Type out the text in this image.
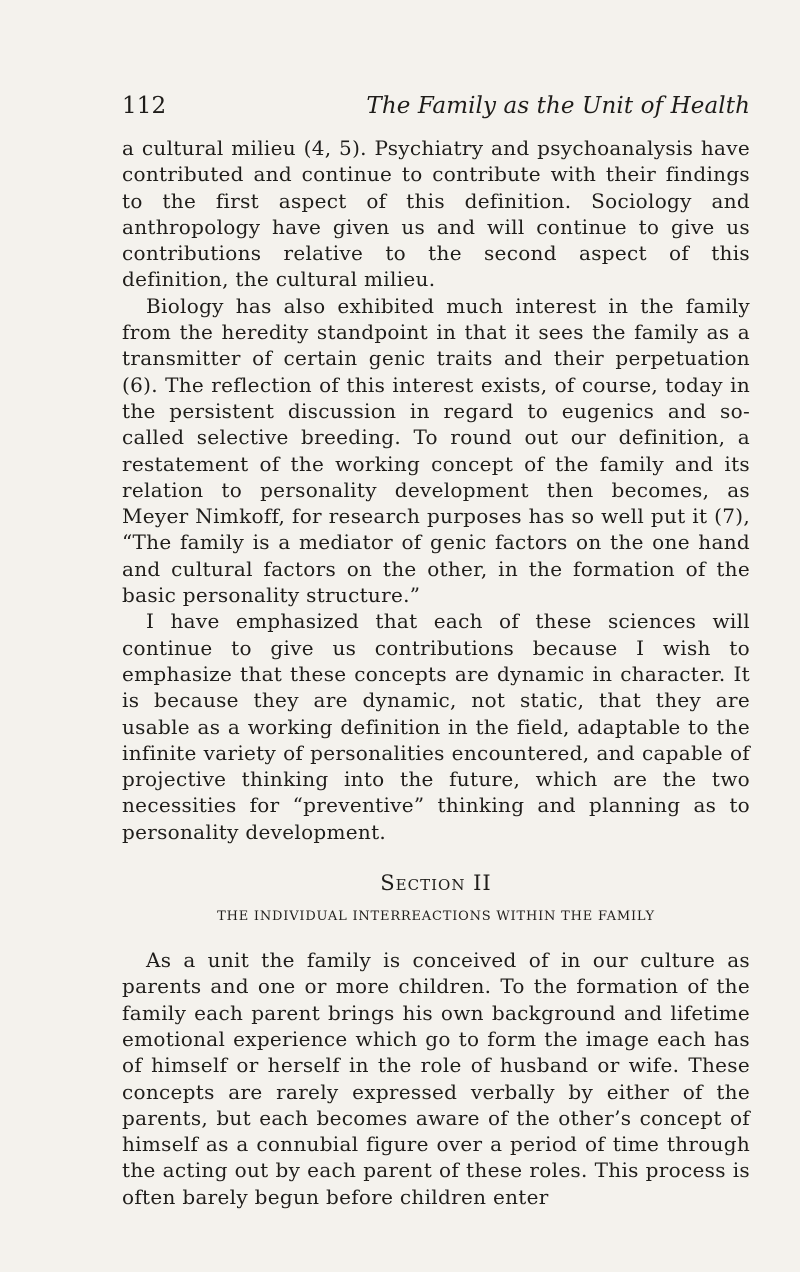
112	The Family as the Unit of Health

a cultural milieu (4, 5). Psychiatry and psychoanalysis have contributed and continue to contribute with their findings to the first aspect of this definition. Sociology and anthropology have given us and will continue to give us contributions relative to the second aspect of this definition, the cultural milieu.

Biology has also exhibited much interest in the family from the heredity standpoint in that it sees the family as a transmitter of certain genic traits and their perpetuation (6). The reflection of this interest exists, of course, today in the persistent discussion in regard to eugenics and so-called selective breeding. To round out our definition, a restatement of the working concept of the family and its relation to personality development then becomes, as Meyer Nimkoff, for research purposes has so well put it (7), “The family is a mediator of genic factors on the one hand and cultural factors on the other, in the formation of the basic personality structure.”

I have emphasized that each of these sciences will continue to give us contributions because I wish to emphasize that these concepts are dynamic in character. It is because they are dynamic, not static, that they are usable as a working definition in the field, adaptable to the infinite variety of personalities encountered, and capable of projective thinking into the future, which are the two necessities for “preventive” thinking and planning as to personality development.

Section II
THE INDIVIDUAL INTERREACTIONS WITHIN THE FAMILY

As a unit the family is conceived of in our culture as parents and one or more children. To the formation of the family each parent brings his own background and lifetime emotional experience which go to form the image each has of himself or herself in the role of husband or wife. These concepts are rarely expressed verbally by either of the parents, but each becomes aware of the other’s concept of himself as a connubial figure over a period of time through the acting out by each parent of these roles. This process is often barely begun before children enter
